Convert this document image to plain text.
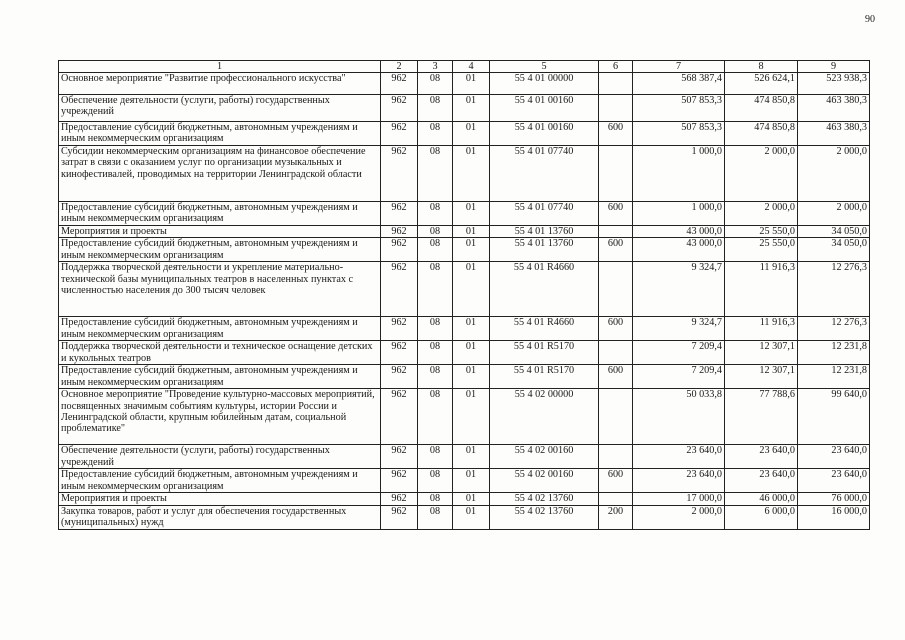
90
1	2	3	4	5	6	7	8	9
Основное мероприятие "Развитие профессионального искусства"	962	08	01	55 4 01 00000		568 387,4	526 624,1	523 938,3
Обеспечение деятельности (услуги, работы) государственных учреждений	962	08	01	55 4 01 00160		507 853,3	474 850,8	463 380,3
Предоставление субсидий бюджетным, автономным учреждениям и иным некоммерческим организациям	962	08	01	55 4 01 00160	600	507 853,3	474 850,8	463 380,3
Субсидии некоммерческим организациям на финансовое обеспечение затрат в связи с оказанием услуг по организации музыкальных и кинофестивалей, проводимых на территории Ленинградской области	962	08	01	55 4 01 07740		1 000,0	2 000,0	2 000,0
Предоставление субсидий бюджетным, автономным учреждениям и иным некоммерческим организациям	962	08	01	55 4 01 07740	600	1 000,0	2 000,0	2 000,0
Мероприятия и проекты	962	08	01	55 4 01 13760		43 000,0	25 550,0	34 050,0
Предоставление субсидий бюджетным, автономным учреждениям и иным некоммерческим организациям	962	08	01	55 4 01 13760	600	43 000,0	25 550,0	34 050,0
Поддержка творческой деятельности и укрепление материально-технической базы муниципальных театров в населенных пунктах с численностью населения до 300 тысяч человек	962	08	01	55 4 01 R4660		9 324,7	11 916,3	12 276,3
Предоставление субсидий бюджетным, автономным учреждениям и иным некоммерческим организациям	962	08	01	55 4 01 R4660	600	9 324,7	11 916,3	12 276,3
Поддержка творческой деятельности и техническое оснащение детских и кукольных театров	962	08	01	55 4 01 R5170		7 209,4	12 307,1	12 231,8
Предоставление субсидий бюджетным, автономным учреждениям и иным некоммерческим организациям	962	08	01	55 4 01 R5170	600	7 209,4	12 307,1	12 231,8
Основное мероприятие "Проведение культурно-массовых мероприятий, посвященных значимым событиям культуры, истории России и Ленинградской области, крупным юбилейным датам, социальной проблематике"	962	08	01	55 4 02 00000		50 033,8	77 788,6	99 640,0
Обеспечение деятельности (услуги, работы) государственных учреждений	962	08	01	55 4 02 00160		23 640,0	23 640,0	23 640,0
Предоставление субсидий бюджетным, автономным учреждениям и иным некоммерческим организациям	962	08	01	55 4 02 00160	600	23 640,0	23 640,0	23 640,0
Мероприятия и проекты	962	08	01	55 4 02 13760		17 000,0	46 000,0	76 000,0
Закупка товаров, работ и услуг для обеспечения государственных (муниципальных) нужд	962	08	01	55 4 02 13760	200	2 000,0	6 000,0	16 000,0
